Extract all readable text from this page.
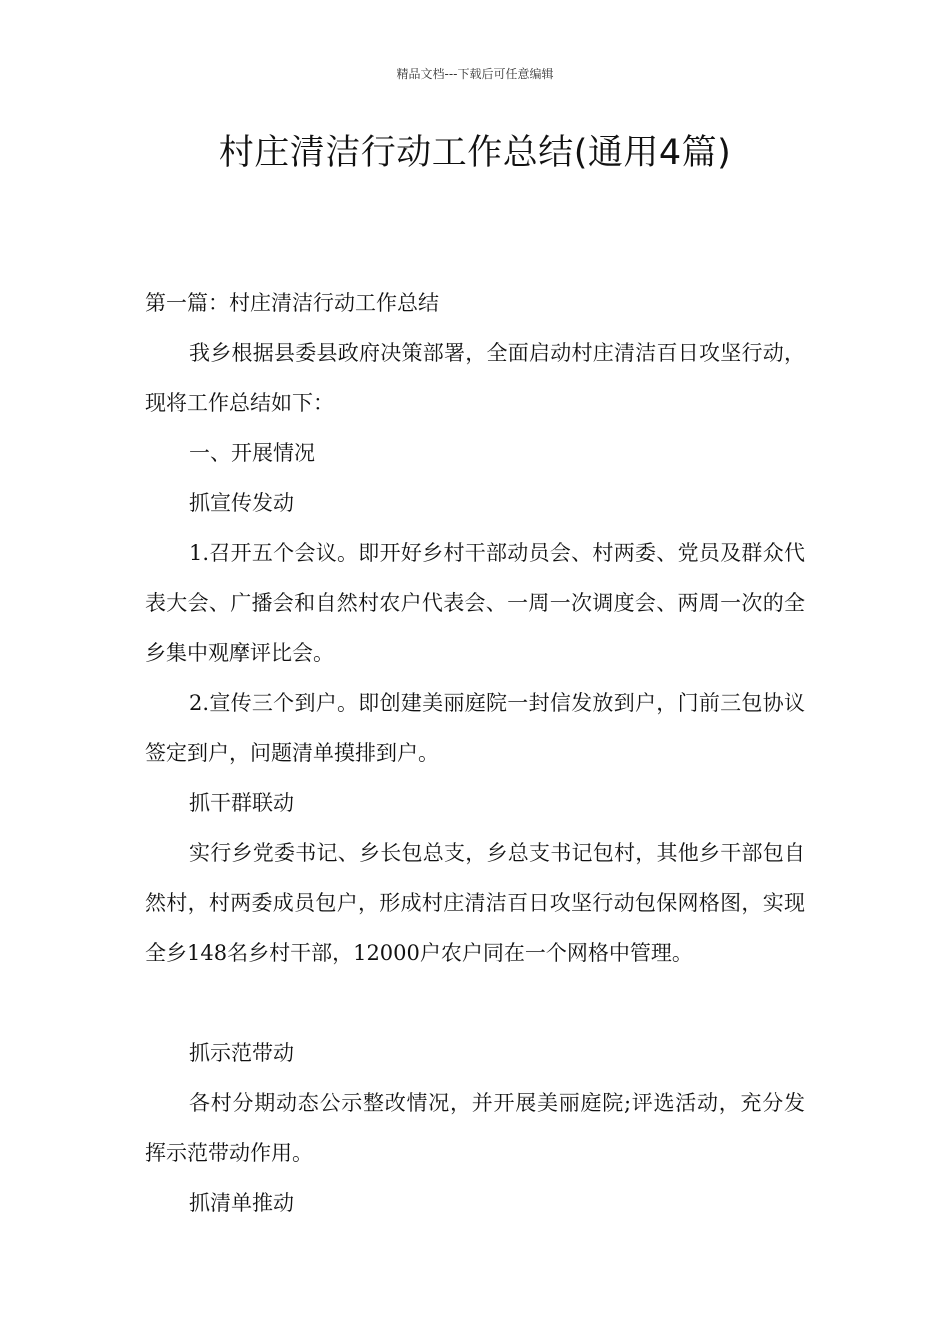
精品文档---下载后可任意编辑
村庄清洁行动工作总结(通用4篇)

第一篇：村庄清洁行动工作总结

我乡根据县委县政府决策部署，全面启动村庄清洁百日攻坚行动，现将工作总结如下：

一、开展情况

抓宣传发动

1.召开五个会议。即开好乡村干部动员会、村两委、党员及群众代表大会、广播会和自然村农户代表会、一周一次调度会、两周一次的全乡集中观摩评比会。

2.宣传三个到户。即创建美丽庭院一封信发放到户，门前三包协议签定到户，问题清单摸排到户。

抓干群联动

实行乡党委书记、乡长包总支，乡总支书记包村，其他乡干部包自然村，村两委成员包户，形成村庄清洁百日攻坚行动包保网格图，实现全乡148名乡村干部，12000户农户同在一个网格中管理。

抓示范带动

各村分期动态公示整改情况，并开展美丽庭院;评选活动，充分发挥示范带动作用。

抓清单推动
